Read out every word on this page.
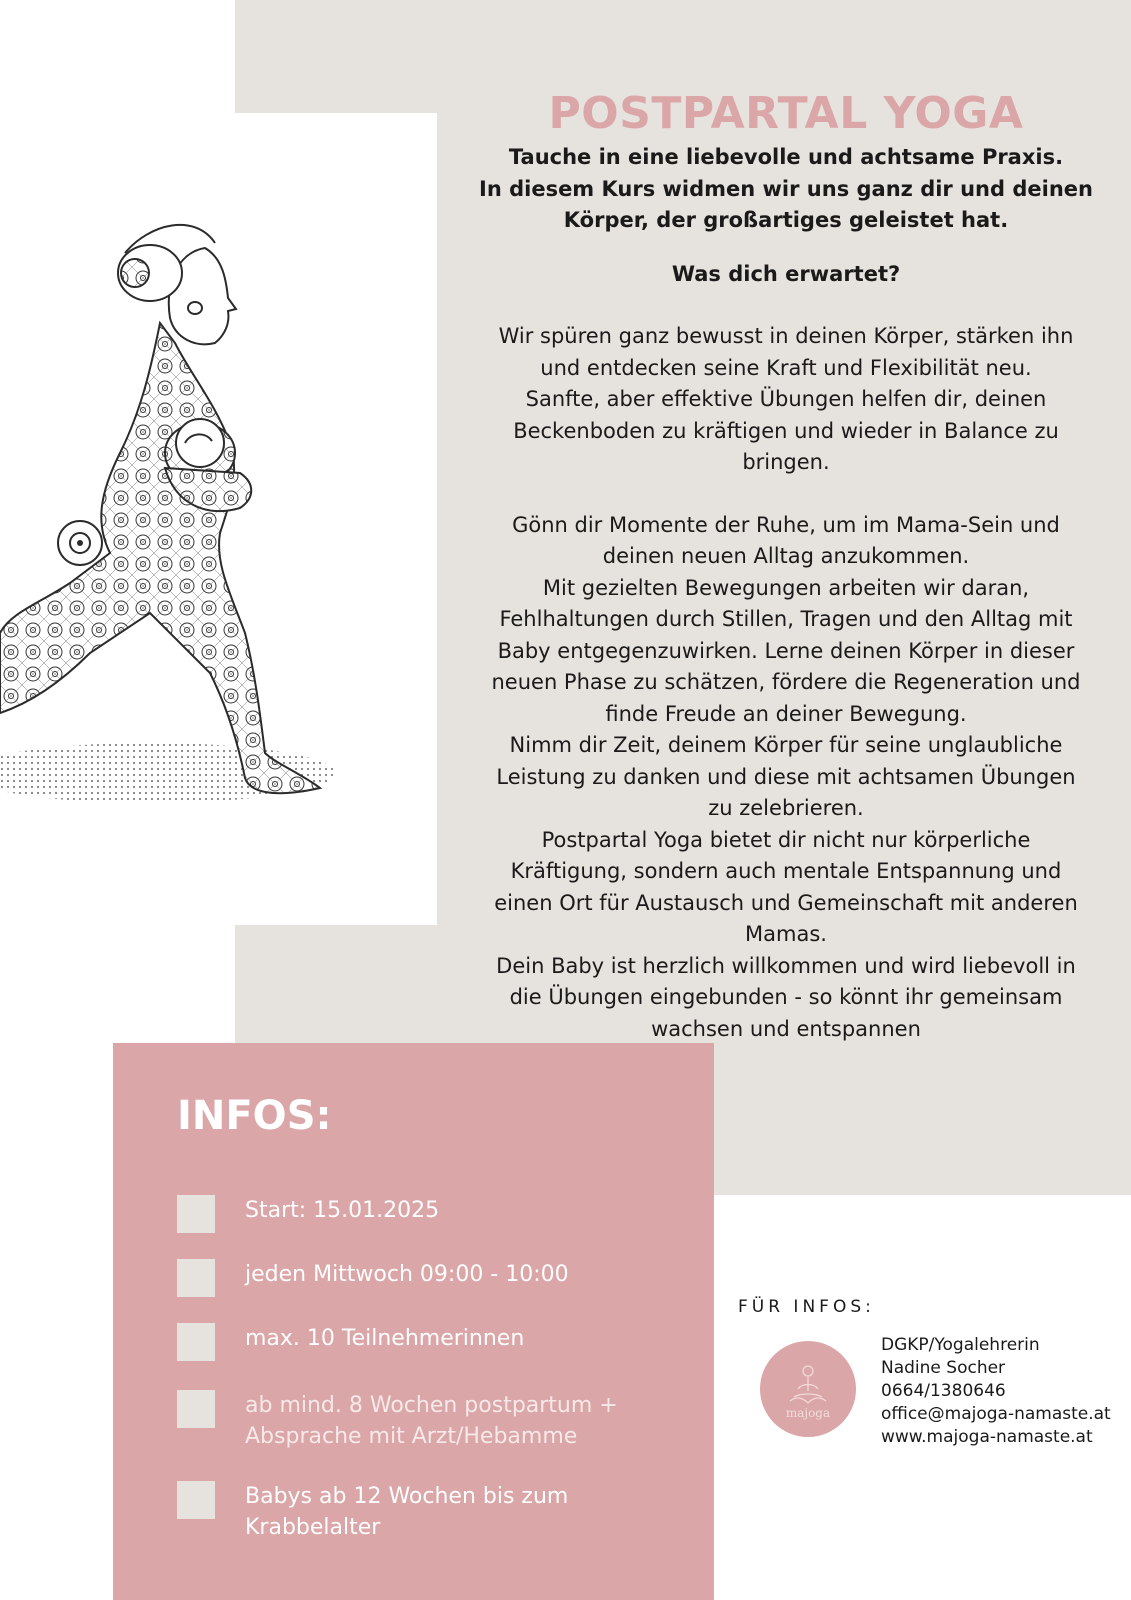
POSTPARTAL YOGA

Tauche in eine liebevolle und achtsame Praxis.
In diesem Kurs widmen wir uns ganz dir und deinen
Körper, der großartiges geleistet hat.

Was dich erwartet?

Wir spüren ganz bewusst in deinen Körper, stärken ihn
und entdecken seine Kraft und Flexibilität neu.
Sanfte, aber effektive Übungen helfen dir, deinen
Beckenboden zu kräftigen und wieder in Balance zu
bringen.

Gönn dir Momente der Ruhe, um im Mama-Sein und
deinen neuen Alltag anzukommen.
Mit gezielten Bewegungen arbeiten wir daran,
Fehlhaltungen durch Stillen, Tragen und den Alltag mit
Baby entgegenzuwirken. Lerne deinen Körper in dieser
neuen Phase zu schätzen, fördere die Regeneration und
finde Freude an deiner Bewegung.
Nimm dir Zeit, deinem Körper für seine unglaubliche
Leistung zu danken und diese mit achtsamen Übungen
zu zelebrieren.
Postpartal Yoga bietet dir nicht nur körperliche
Kräftigung, sondern auch mentale Entspannung und
einen Ort für Austausch und Gemeinschaft mit anderen
Mamas.
Dein Baby ist herzlich willkommen und wird liebevoll in
die Übungen eingebunden - so könnt ihr gemeinsam
wachsen und entspannen

INFOS:
Start: 15.01.2025
jeden Mittwoch 09:00 - 10:00
max. 10 Teilnehmerinnen
ab mind. 8 Wochen postpartum +
Absprache mit Arzt/Hebamme
Babys ab 12 Wochen bis zum
Krabbelalter

FÜR INFOS:

majoga
DGKP/Yogalehrerin
Nadine Socher
0664/1380646
office@majoga-namaste.at
www.majoga-namaste.at
